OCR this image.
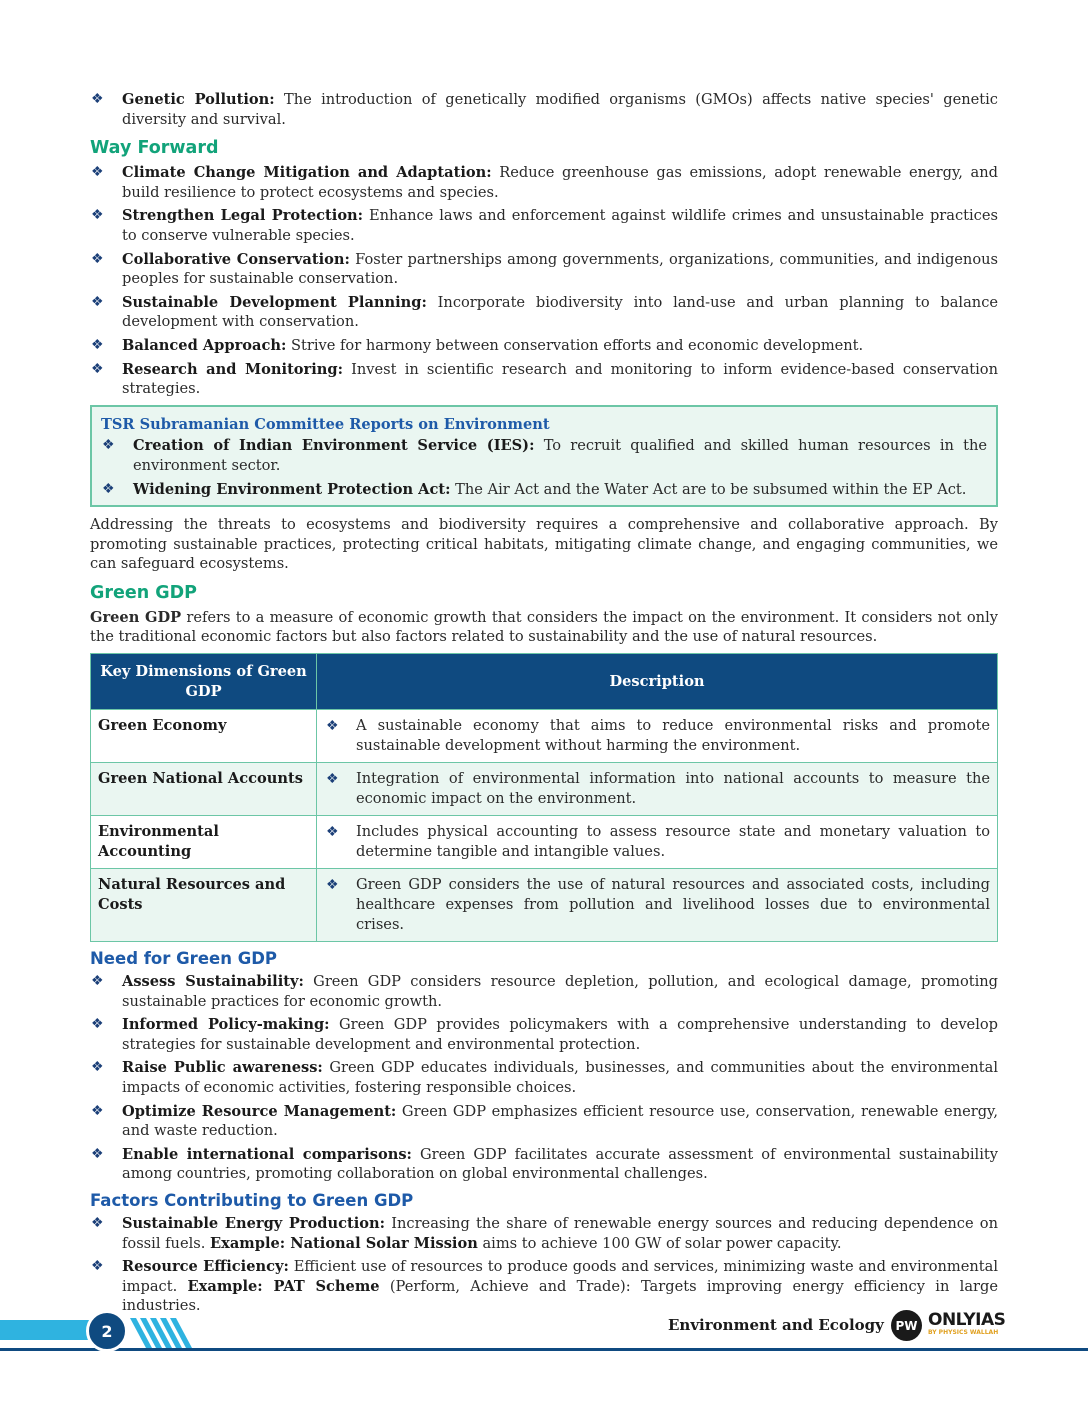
❖ Genetic Pollution: The introduction of genetically modified organisms (GMOs) affects native species' genetic diversity and survival.
Way Forward
❖ Climate Change Mitigation and Adaptation: Reduce greenhouse gas emissions, adopt renewable energy, and build resilience to protect ecosystems and species.
❖ Strengthen Legal Protection: Enhance laws and enforcement against wildlife crimes and unsustainable practices to conserve vulnerable species.
❖ Collaborative Conservation: Foster partnerships among governments, organizations, communities, and indigenous peoples for sustainable conservation.
❖ Sustainable Development Planning: Incorporate biodiversity into land-use and urban planning to balance development with conservation.
❖ Balanced Approach: Strive for harmony between conservation efforts and economic development.
❖ Research and Monitoring: Invest in scientific research and monitoring to inform evidence-based conservation strategies.
TSR Subramanian Committee Reports on Environment
❖ Creation of Indian Environment Service (IES): To recruit qualified and skilled human resources in the environment sector.
❖ Widening Environment Protection Act: The Air Act and the Water Act are to be subsumed within the EP Act.
Addressing the threats to ecosystems and biodiversity requires a comprehensive and collaborative approach. By promoting sustainable practices, protecting critical habitats, mitigating climate change, and engaging communities, we can safeguard ecosystems.
Green GDP
Green GDP refers to a measure of economic growth that considers the impact on the environment. It considers not only the traditional economic factors but also factors related to sustainability and the use of natural resources.
Key Dimensions of Green GDP	Description
Green Economy	❖ A sustainable economy that aims to reduce environmental risks and promote sustainable development without harming the environment.

Green National Accounts	❖ Integration of environmental information into national accounts to measure the economic impact on the environment.

Environmental Accounting	❖ Includes physical accounting to assess resource state and monetary valuation to determine tangible and intangible values.

Natural Resources and Costs	❖ Green GDP considers the use of natural resources and associated costs, including healthcare expenses from pollution and livelihood losses due to environmental crises.
Need for Green GDP
❖ Assess Sustainability: Green GDP considers resource depletion, pollution, and ecological damage, promoting sustainable practices for economic growth.
❖ Informed Policy-making: Green GDP provides policymakers with a comprehensive understanding to develop strategies for sustainable development and environmental protection.
❖ Raise Public awareness: Green GDP educates individuals, businesses, and communities about the environmental impacts of economic activities, fostering responsible choices.
❖ Optimize Resource Management: Green GDP emphasizes efficient resource use, conservation, renewable energy, and waste reduction.
❖ Enable international comparisons: Green GDP facilitates accurate assessment of environmental sustainability among countries, promoting collaboration on global environmental challenges.
Factors Contributing to Green GDP
❖ Sustainable Energy Production: Increasing the share of renewable energy sources and reducing dependence on fossil fuels. Example: National Solar Mission aims to achieve 100 GW of solar power capacity.
❖ Resource Efficiency: Efficient use of resources to produce goods and services, minimizing waste and environmental impact. Example: PAT Scheme (Perform, Achieve and Trade): Targets improving energy efficiency in large industries.
2	Environment and Ecology PW ONLYIAS
BY PHYSICS WALLAH
